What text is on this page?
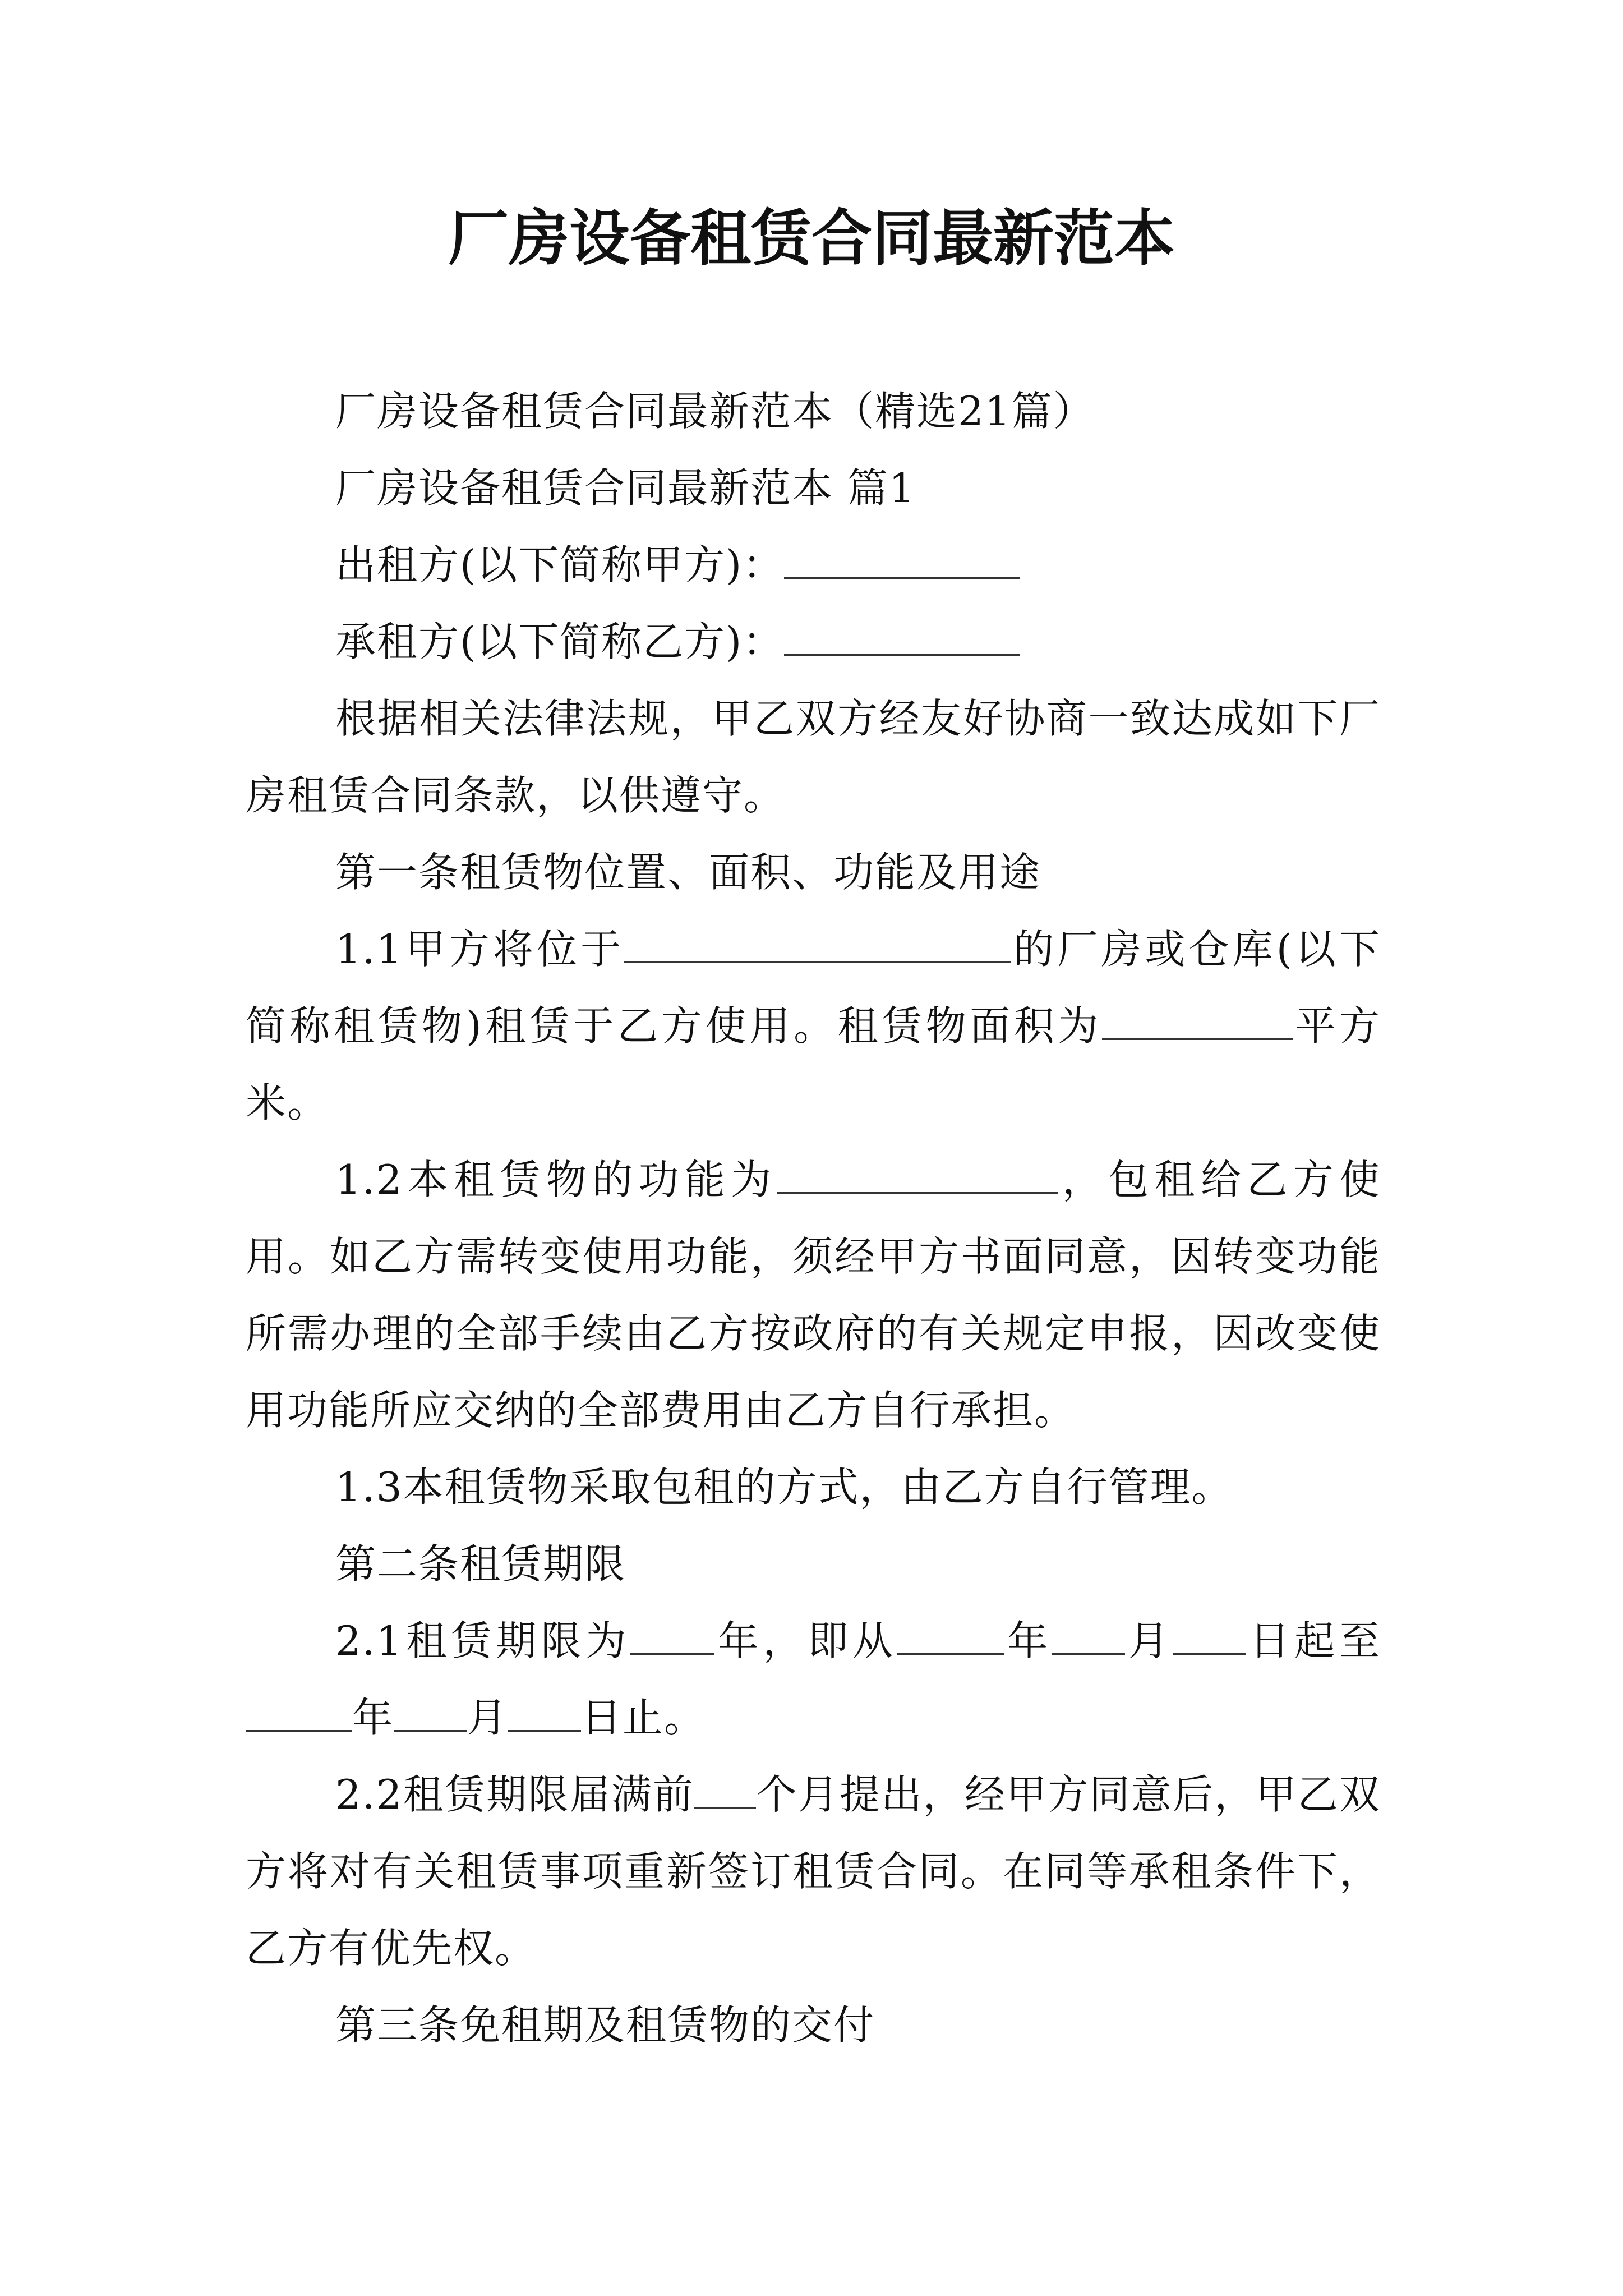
厂房设备租赁合同最新范本

厂房设备租赁合同最新范本（精选21篇）

厂房设备租赁合同最新范本 篇1

出租方(以下简称甲方)：

承租方(以下简称乙方)：

根据相关法律法规，甲乙双方经友好协商一致达成如下厂房租赁合同条款，以供遵守。

第一条租赁物位置、面积、功能及用途

1.1甲方将位于	的厂房或仓库(以下简称租赁物)租赁于乙方使用。租赁物面积为	平方米。

1.2本租赁物的功能为	，包租给乙方使用。如乙方需转变使用功能，须经甲方书面同意，因转变功能所需办理的全部手续由乙方按政府的有关规定申报，因改变使用功能所应交纳的全部费用由乙方自行承担。

1.3本租赁物采取包租的方式，由乙方自行管理。

第二条租赁期限

2.1租赁期限为 年，即从	年 月 日起至年 月 日止。

2.2租赁期限届满前 个月提出，经甲方同意后，甲乙双方将对有关租赁事项重新签订租赁合同。在同等承租条件下，乙方有优先权。

第三条免租期及租赁物的交付
